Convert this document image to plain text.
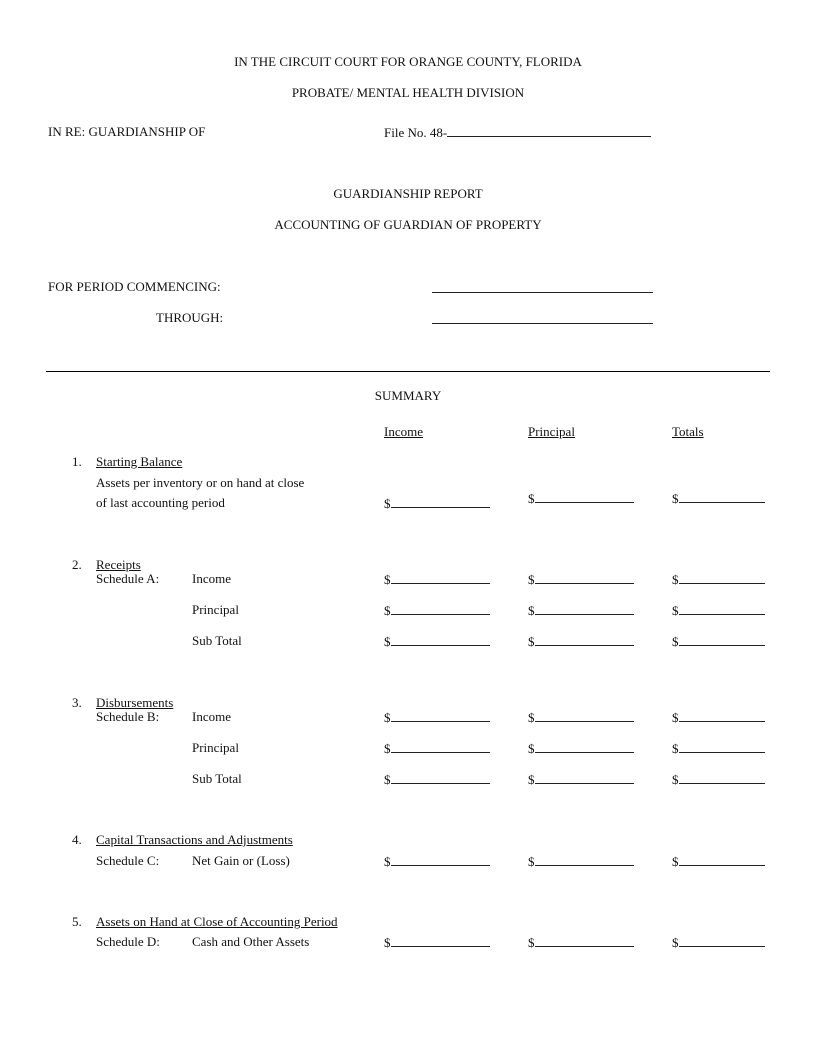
IN THE CIRCUIT COURT FOR ORANGE COUNTY, FLORIDA
PROBATE/ MENTAL HEALTH DIVISION
IN RE: GUARDIANSHIP OF	File No. 48-
GUARDIANSHIP REPORT
ACCOUNTING OF GUARDIAN OF PROPERTY
FOR PERIOD COMMENCING:
THROUGH:
SUMMARY
Income	Principal	Totals
1. Starting Balance
Assets per inventory or on hand at close
of last accounting period	$	$	$
2. Receipts
Schedule A:	Income	$	$	$
Principal	$	$	$
Sub Total	$	$	$
3. Disbursements
Schedule B:	Income	$	$	$
Principal	$	$	$
Sub Total	$	$	$
4. Capital Transactions and Adjustments
Schedule C:	Net Gain or (Loss)	$	$	$
5. Assets on Hand at Close of Accounting Period
Schedule D: Cash and Other Assets	$	$	$
